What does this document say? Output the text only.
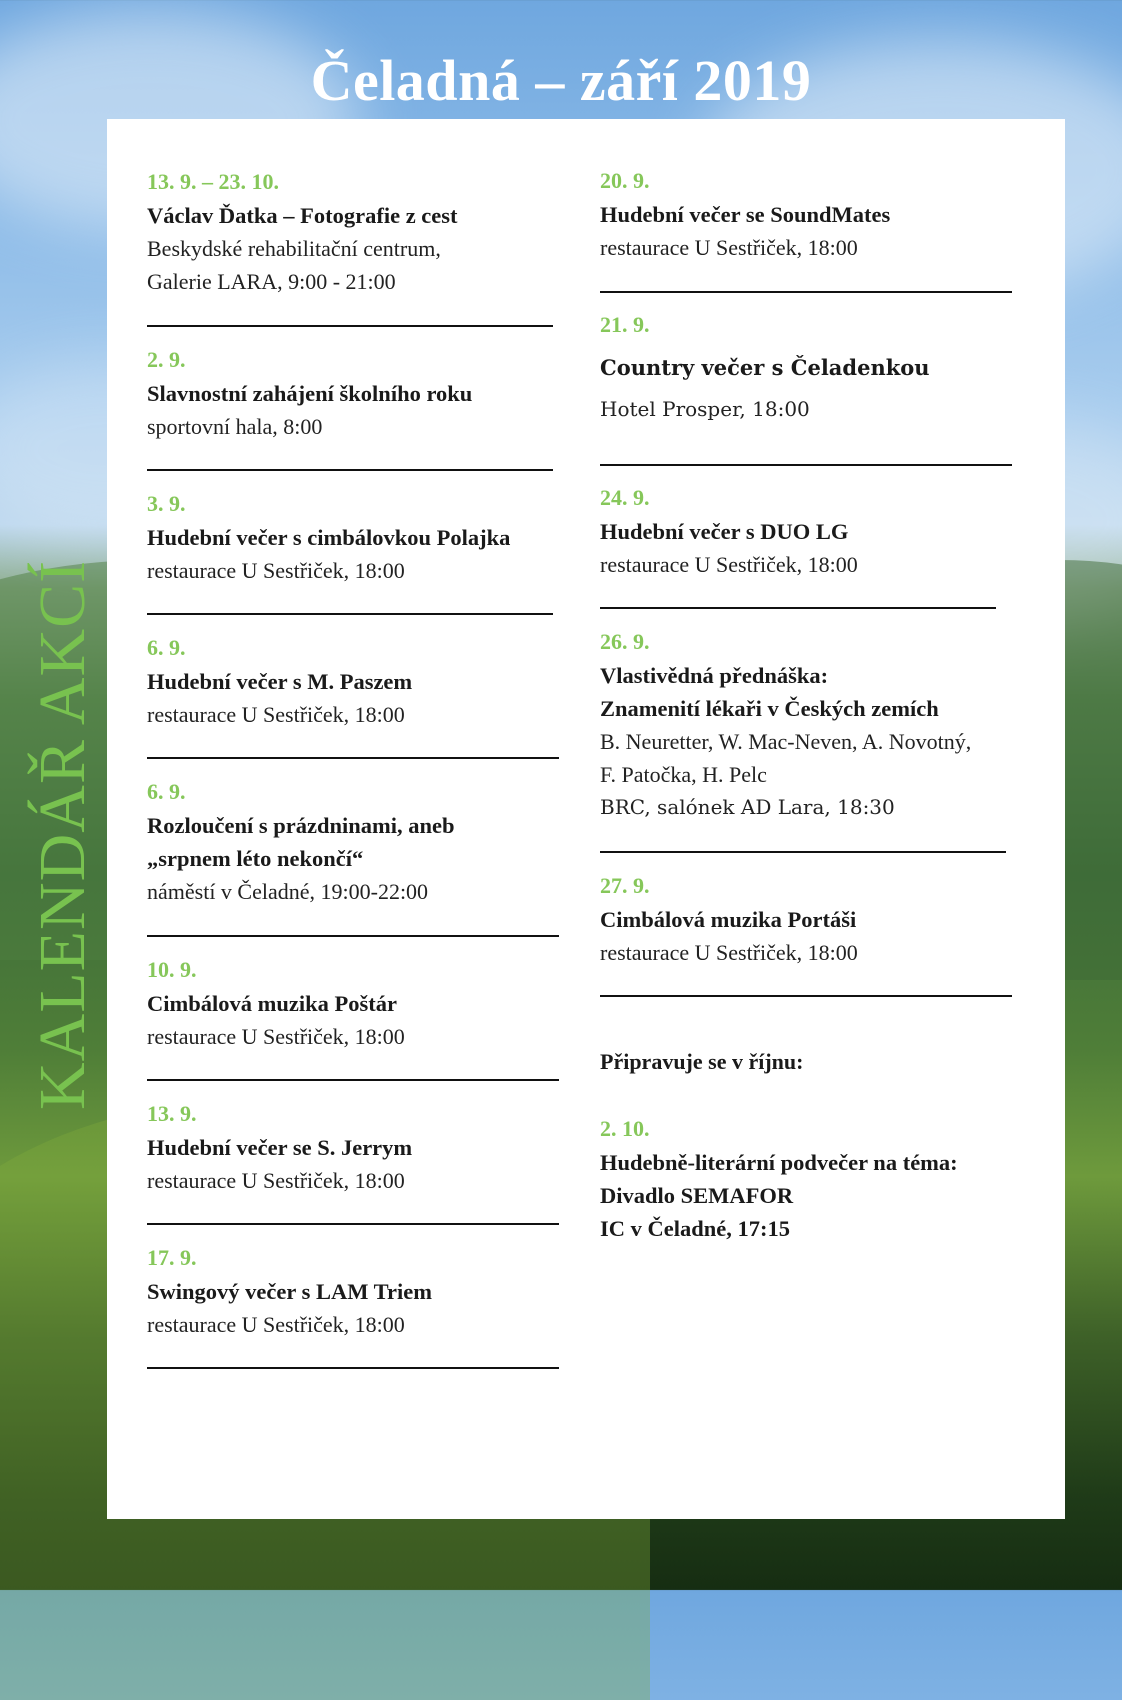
Čeladná – září 2019
KALENDÁŘ AKCÍ
13. 9. – 23. 10.
Václav Ďatka – Fotografie z cest
Beskydské rehabilitační centrum,
Galerie LARA, 9:00 - 21:00
2. 9.
Slavnostní zahájení školního roku
sportovní hala, 8:00
3. 9.
Hudební večer s cimbálovkou Polajka
restaurace U Sestřiček, 18:00
6. 9.
Hudební večer s M. Paszem
restaurace U Sestřiček, 18:00
6. 9.
Rozloučení s prázdninami, aneb
„srpnem léto nekončí“
náměstí v Čeladné, 19:00-22:00
10. 9.
Cimbálová muzika Poštár
restaurace U Sestřiček, 18:00
13. 9.
Hudební večer se S. Jerrym
restaurace U Sestřiček, 18:00
17. 9.
Swingový večer s LAM Triem
restaurace U Sestřiček, 18:00
20. 9.
Hudební večer se SoundMates
restaurace U Sestřiček, 18:00
21. 9.
Country večer s Čeladenkou
Hotel Prosper, 18:00
24. 9.
Hudební večer s DUO LG
restaurace U Sestřiček, 18:00
26. 9.
Vlastivědná přednáška:
Znamenití lékaři v Českých zemích
B. Neuretter, W. Mac-Neven, A. Novotný,
F. Patočka, H. Pelc
BRC, salónek AD Lara, 18:30
27. 9.
Cimbálová muzika Portáši
restaurace U Sestřiček, 18:00
Připravuje se v říjnu:
2. 10.
Hudebně-literární podvečer na téma:
Divadlo SEMAFOR
IC v Čeladné, 17:15
